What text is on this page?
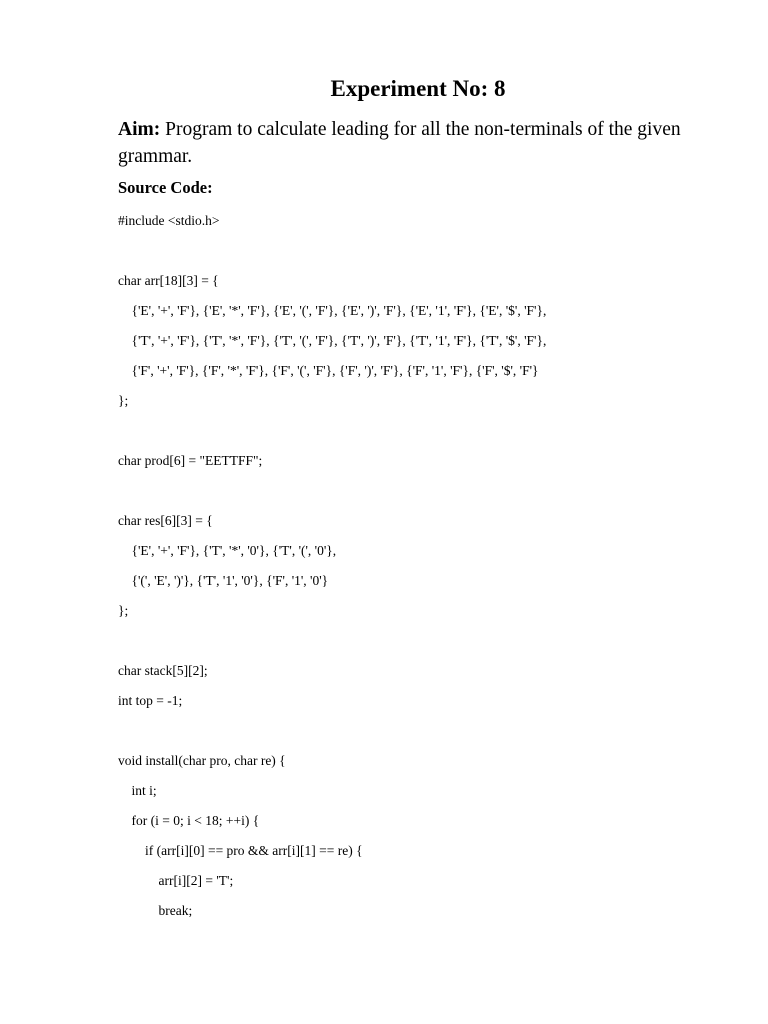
Experiment No: 8
Aim: Program to calculate leading for all the non-terminals of the given grammar.
Source Code:
#include <stdio.h>
char arr[18][3] = {
{'E', '+', 'F'}, {'E', '*', 'F'}, {'E', '(', 'F'}, {'E', ')', 'F'}, {'E', '1', 'F'}, {'E', '$', 'F'},
{'T', '+', 'F'}, {'T', '*', 'F'}, {'T', '(', 'F'}, {'T', ')', 'F'}, {'T', '1', 'F'}, {'T', '$', 'F'},
{'F', '+', 'F'}, {'F', '*', 'F'}, {'F', '(', 'F'}, {'F', ')', 'F'}, {'F', '1', 'F'}, {'F', '$', 'F'}
};
char prod[6] = "EETTFF";
char res[6][3] = {
{'E', '+', 'F'}, {'T', '*', '0'}, {'T', '(', '0'},
{'(', 'E', ')'}, {'T', '1', '0'}, {'F', '1', '0'}
};
char stack[5][2];
int top = -1;
void install(char pro, char re) {
int i;
for (i = 0; i < 18; ++i) {
if (arr[i][0] == pro && arr[i][1] == re) {
arr[i][2] = 'T';
break;
